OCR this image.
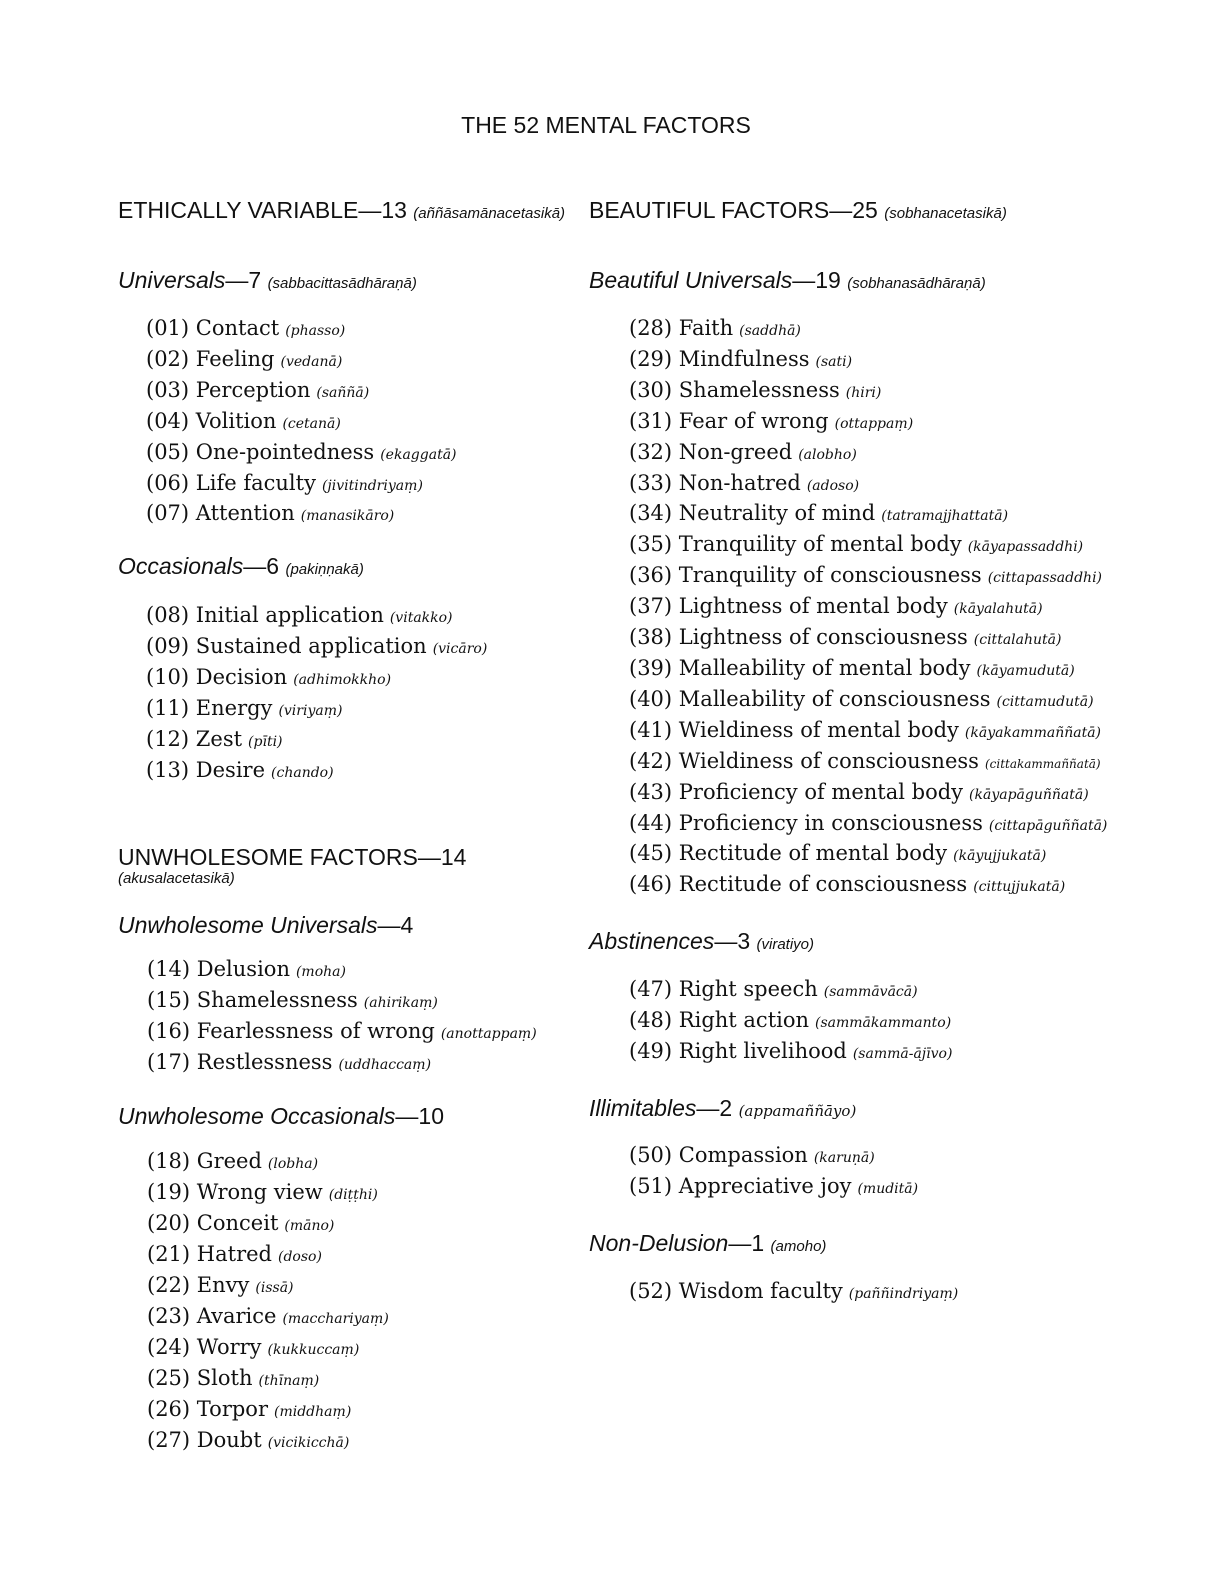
THE 52 MENTAL FACTORS
ETHICALLY VARIABLE—13 (aññāsamānacetasikā)
Universals—7 (sabbacittasādhāraṇā)
(01) Contact (phasso)
(02) Feeling (vedanā)
(03) Perception (saññā)
(04) Volition (cetanā)
(05) One-pointedness (ekaggatā)
(06) Life faculty (jivitindriyaṃ)
(07) Attention (manasikāro)
Occasionals—6 (pakiṇṇakā)
(08) Initial application (vitakko)
(09) Sustained application (vicāro)
(10) Decision (adhimokkho)
(11) Energy (viriyaṃ)
(12) Zest (pīti)
(13) Desire (chando)
UNWHOLESOME FACTORS—14
(akusalacetasikā)
Unwholesome Universals—4
(14) Delusion (moha)
(15) Shamelessness (ahirikaṃ)
(16) Fearlessness of wrong (anottappaṃ)
(17) Restlessness (uddhaccaṃ)
Unwholesome Occasionals—10
(18) Greed (lobha)
(19) Wrong view (diṭṭhi)
(20) Conceit (māno)
(21) Hatred (doso)
(22) Envy (issā)
(23) Avarice (macchariyaṃ)
(24) Worry (kukkuccaṃ)
(25) Sloth (thīnaṃ)
(26) Torpor (middhaṃ)
(27) Doubt (vicikicchā)
BEAUTIFUL FACTORS—25 (sobhanacetasikā)
Beautiful Universals—19 (sobhanasādhāraṇā)
(28) Faith (saddhā)
(29) Mindfulness (sati)
(30) Shamelessness (hiri)
(31) Fear of wrong (ottappaṃ)
(32) Non-greed (alobho)
(33) Non-hatred (adoso)
(34) Neutrality of mind (tatramajjhattatā)
(35) Tranquility of mental body (kāyapassaddhi)
(36) Tranquility of consciousness (cittapassaddhi)
(37) Lightness of mental body (kāyalahutā)
(38) Lightness of consciousness (cittalahutā)
(39) Malleability of mental body (kāyamudutā)
(40) Malleability of consciousness (cittamudutā)
(41) Wieldiness of mental body (kāyakammaññatā)
(42) Wieldiness of consciousness (cittakammaññatā)
(43) Proficiency of mental body (kāyapāguññatā)
(44) Proficiency in consciousness (cittapāguññatā)
(45) Rectitude of mental body (kāyujjukatā)
(46) Rectitude of consciousness (cittujjukatā)
Abstinences—3 (viratiyo)
(47) Right speech (sammāvācā)
(48) Right action (sammākammanto)
(49) Right livelihood (sammā-ājīvo)
Illimitables—2 (appamaññāyo)
(50) Compassion (karuṇā)
(51) Appreciative joy (muditā)
Non-Delusion—1 (amoho)
(52) Wisdom faculty (paññindriyaṃ)
